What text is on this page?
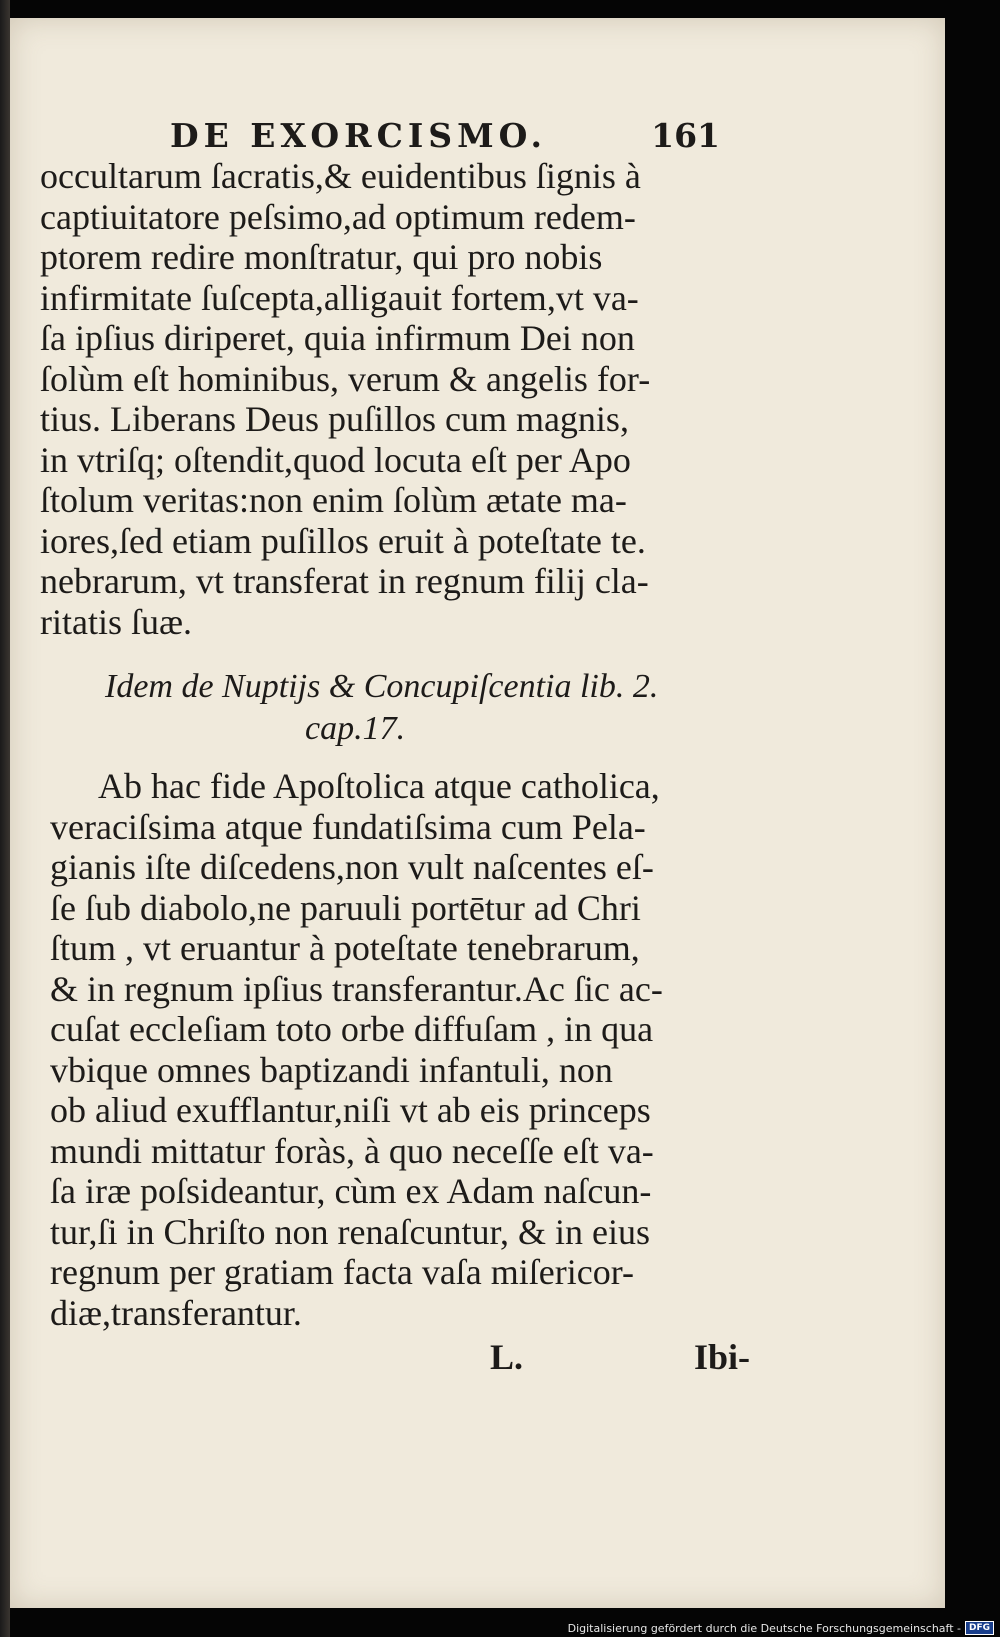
DE EXORCISMO.	161
occultarum ſacratis,& euidentibus ſignis à
captiuitatore peſsimo,ad optimum redem-
ptorem redire monſtratur, qui pro nobis
infirmitate ſuſcepta,alligauit fortem,vt va-
ſa ipſius diriperet, quia infirmum Dei non
ſolùm eſt hominibus, verum & angelis for-
tius. Liberans Deus puſillos cum magnis,
in vtriſq; oſtendit,quod locuta eſt per Apo
ſtolum veritas:non enim ſolùm ætate ma-
iores,ſed etiam puſillos eruit à poteſtate te.
nebrarum, vt transferat in regnum filij cla-
ritatis ſuæ.
Idem de Nuptijs & Concupiſcentia lib. 2.
cap.17.
Ab hac fide Apoſtolica atque catholica,
veraciſsima atque fundatiſsima cum Pela-
gianis iſte diſcedens,non vult naſcentes eſ-
ſe ſub diabolo,ne paruuli portētur ad Chri
ſtum , vt eruantur à poteſtate tenebrarum,
& in regnum ipſius transferantur.Ac ſic ac-
cuſat eccleſiam toto orbe diffuſam , in qua
vbique omnes baptizandi infantuli, non
ob aliud exufflantur,niſi vt ab eis princeps
mundi mittatur foràs, à quo neceſſe eſt va-
ſa iræ poſsideantur, cùm ex Adam naſcun-
tur,ſi in Chriſto non renaſcuntur, & in eius
regnum per gratiam facta vaſa miſericor-
diæ,transferantur.
L.	Ibi-
Digitalisierung gefördert durch die Deutsche Forschungsgemeinschaft - DFG
